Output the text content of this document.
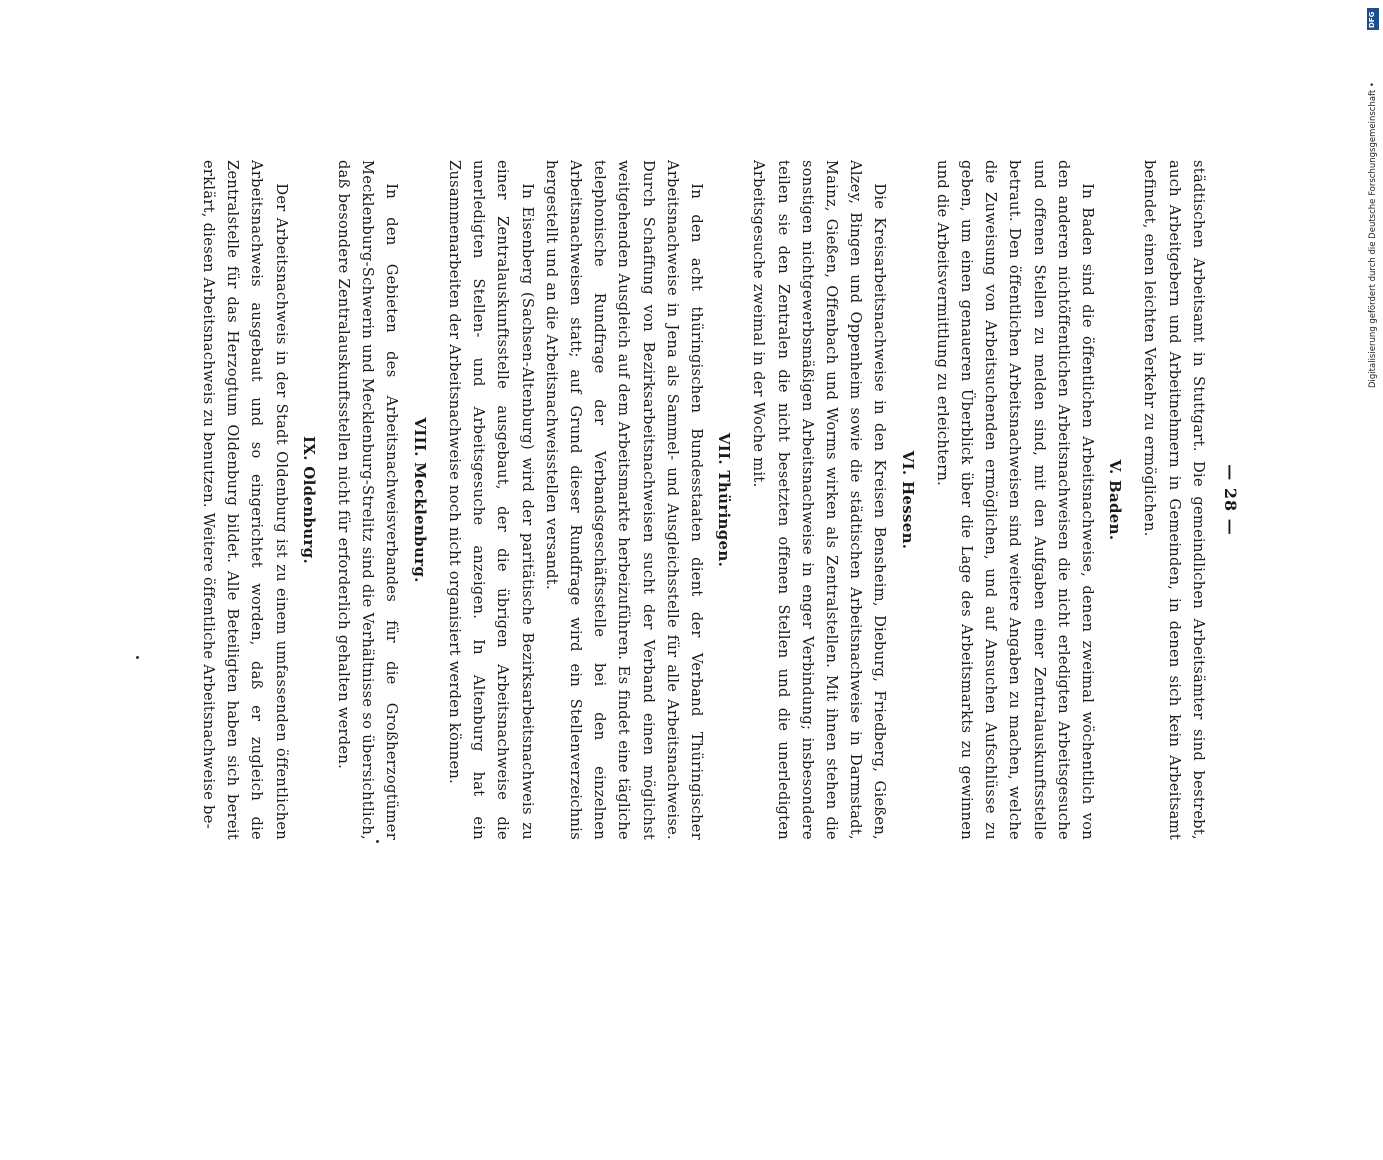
— 28 —

städtischen Arbeitsamt in Stuttgart. Die gemeindlichen Arbeitsämter sind bestrebt, auch Arbeitgebern und Arbeitnehmern in Gemeinden, in denen sich kein Arbeitsamt befindet, einen leichten Verkehr zu ermöglichen.

V. Baden.

In Baden sind die öffentlichen Arbeitsnachweise, denen zweimal wöchentlich von den anderen nichtöffentlichen Arbeitsnachweisen die nicht erledigten Arbeitsgesuche und offenen Stellen zu melden sind, mit den Aufgaben einer Zentralauskunftsstelle betraut. Den öffentlichen Arbeitsnachweisen sind weitere Angaben zu machen, welche die Zuweisung von Arbeitsuchenden ermöglichen, und auf Ansuchen Aufschlüsse zu geben, um einen genaueren Überblick über die Lage des Arbeitsmarkts zu gewinnen und die Arbeitsvermittlung zu erleichtern.

VI. Hessen.

Die Kreisarbeitsnachweise in den Kreisen Bensheim, Dieburg, Friedberg, Gießen, Alzey, Bingen und Oppenheim sowie die städtischen Arbeitsnachweise in Darmstadt, Mainz, Gießen, Offenbach und Worms wirken als Zentralstellen. Mit ihnen stehen die sonstigen nichtgewerbsmäßigen Arbeitsnachweise in enger Verbindung; insbesondere teilen sie den Zentralen die nicht besetzten offenen Stellen und die unerledigten Arbeitsgesuche zweimal in der Woche mit.

VII. Thüringen.

In den acht thüringischen Bundesstaaten dient der Verband Thüringischer Arbeitsnachweise in Jena als Sammel- und Ausgleichsstelle für alle Arbeitsnachweise. Durch Schaffung von Bezirksarbeitsnachweisen sucht der Verband einen möglichst weitgehenden Ausgleich auf dem Arbeitsmarkte herbeizuführen. Es findet eine tägliche telephonische Rundfrage der Verbandsgeschäftsstelle bei den einzelnen Arbeitsnachweisen statt; auf Grund dieser Rundfrage wird ein Stellenverzeichnis hergestellt und an die Arbeitsnachweisstellen versandt.

In Eisenberg (Sachsen-Altenburg) wird der paritätische Bezirksarbeitsnachweis zu einer Zentralauskunftsstelle ausgebaut, der die übrigen Arbeitsnachweise die unerledigten Stellen- und Arbeitsgesuche anzeigen. In Altenburg hat ein Zusammenarbeiten der Arbeitsnachweise noch nicht organisiert werden können.

VIII. Mecklenburg.

In den Gebieten des Arbeitsnachweisverbandes für die Großherzogtümer Mecklenburg-Schwerin und Mecklenburg-Strelitz sind die Verhältnisse so übersichtlich, daß besondere Zentralauskunftsstellen nicht für erforderlich gehalten werden.

IX. Oldenburg.

Der Arbeitsnachweis in der Stadt Oldenburg ist zu einem umfassenden öffentlichen Arbeitsnachweis ausgebaut und so eingerichtet worden, daß er zugleich die Zentralstelle für das Herzogtum Oldenburg bildet. Alle Beteiligten haben sich bereit erklärt, diesen Arbeitsnachweis zu benutzen. Weitere öffentliche Arbeitsnachweise be-

DFG
Digitalisierung gefördert durch die Deutsche Forschungsgemeinschaft •
